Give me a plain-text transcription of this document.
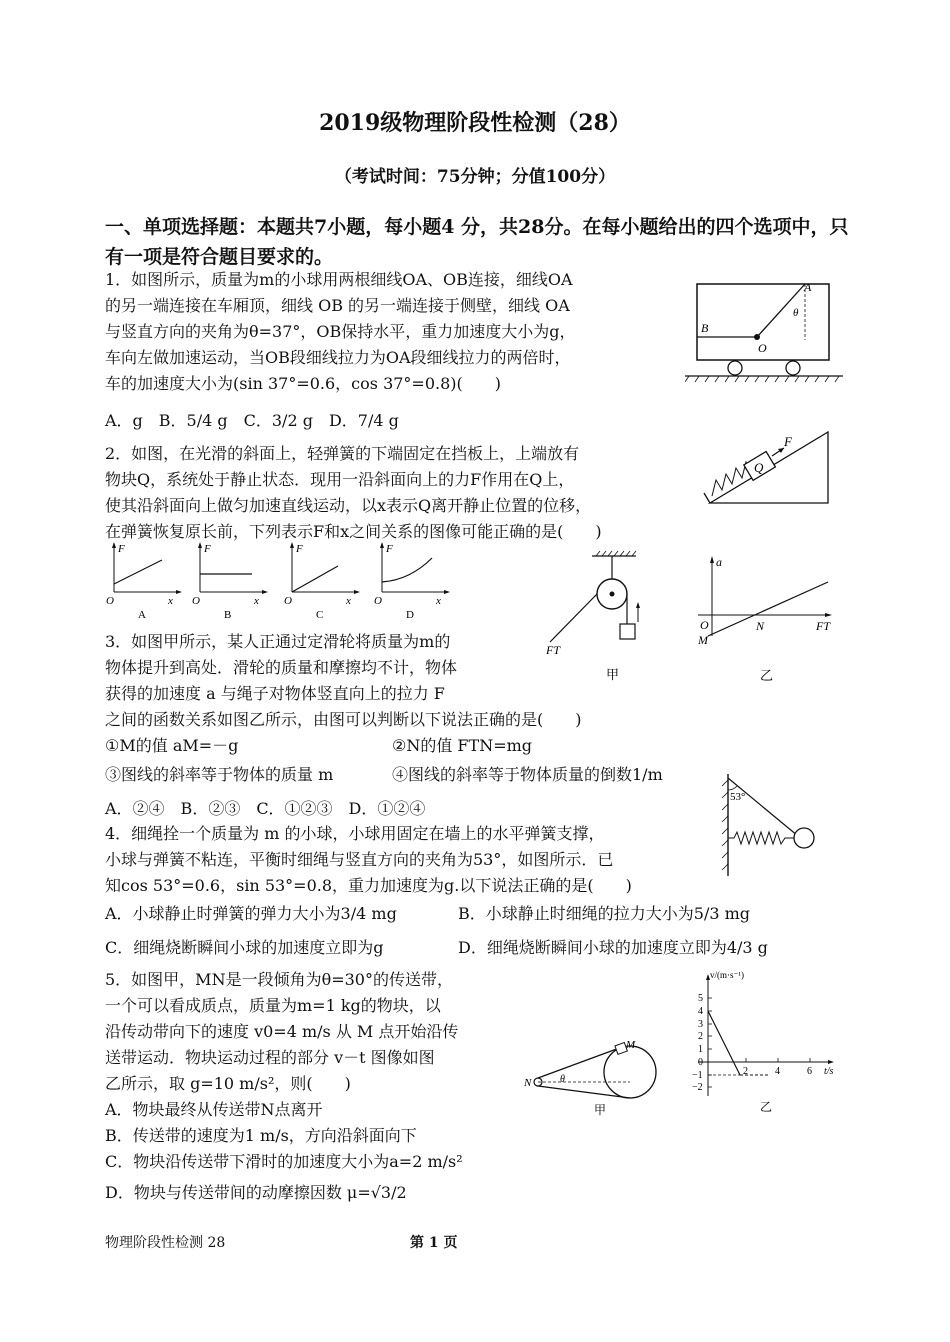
2019级物理阶段性检测（28）
（考试时间：75分钟；分值100分）
一、单项选择题：本题共7小题，每小题4 分，共28分。在每小题给出的四个选项中，只有一项是符合题目要求的。
1．如图所示，质量为m的小球用两根细线OA、OB连接，细线OA
的另一端连接在车厢顶，细线 OB 的另一端连接于侧壁，细线 OA
与竖直方向的夹角为θ=37°，OB保持水平，重力加速度大小为g，
车向左做加速运动，当OB段细线拉力为OA段细线拉力的两倍时，
车的加速度大小为(sin 37°=0.6，cos 37°=0.8)(　　)
A．g　B．5/4 g　C．3/2 g　D．7/4 g
A
B
O
θ
2．如图，在光滑的斜面上，轻弹簧的下端固定在挡板上，上端放有
物块Q，系统处于静止状态．现用一沿斜面向上的力F作用在Q上，
使其沿斜面向上做匀加速直线运动，以x表示Q离开静止位置的位移，
在弹簧恢复原长前，下列表示F和x之间关系的图像可能正确的是(　　)
Q
F
F
O	x
A
F
O	x
B
F
O	x
C
F
O	x
D
FT
甲
a
O
M
N	FT
乙
3．如图甲所示，某人正通过定滑轮将质量为m的
物体提升到高处．滑轮的质量和摩擦均不计，物体
获得的加速度 a 与绳子对物体竖直向上的拉力 F
之间的函数关系如图乙所示，由图可以判断以下说法正确的是(　　)
①M的值 aM=－g	②N的值 FTN=mg
③图线的斜率等于物体的质量 m	④图线的斜率等于物体质量的倒数1/m
A．②④　B．②③　C．①②③　D．①②④
53°
4．细绳拴一个质量为 m 的小球，小球用固定在墙上的水平弹簧支撑，
小球与弹簧不粘连，平衡时细绳与竖直方向的夹角为53°，如图所示．已
知cos 53°=0.6，sin 53°=0.8，重力加速度为g.以下说法正确的是(　　)
A．小球静止时弹簧的弹力大小为3/4 mg	B．小球静止时细绳的拉力大小为5/3 mg
C．细绳烧断瞬间小球的加速度立即为g	D．细绳烧断瞬间小球的加速度立即为4/3 g
5．如图甲，MN是一段倾角为θ=30°的传送带，
一个可以看成质点，质量为m=1 kg的物块，以
沿传动带向下的速度 v0=4 m/s 从 M 点开始沿传
送带运动．物块运动过程的部分 v－t 图像如图
乙所示，取 g=10 m/s²，则(　　)
A．物块最终从传送带N点离开
B．传送带的速度为1 m/s，方向沿斜面向下
C．物块沿传送带下滑时的加速度大小为a=2 m/s²
D．物块与传送带间的动摩擦因数 μ=√3/2
N
M
θ
甲
v/(m·s⁻¹)
5
4
3
2
1
0
−1
−2
2	4	6 t/s
乙
物理阶段性检测 28	第 1 页
